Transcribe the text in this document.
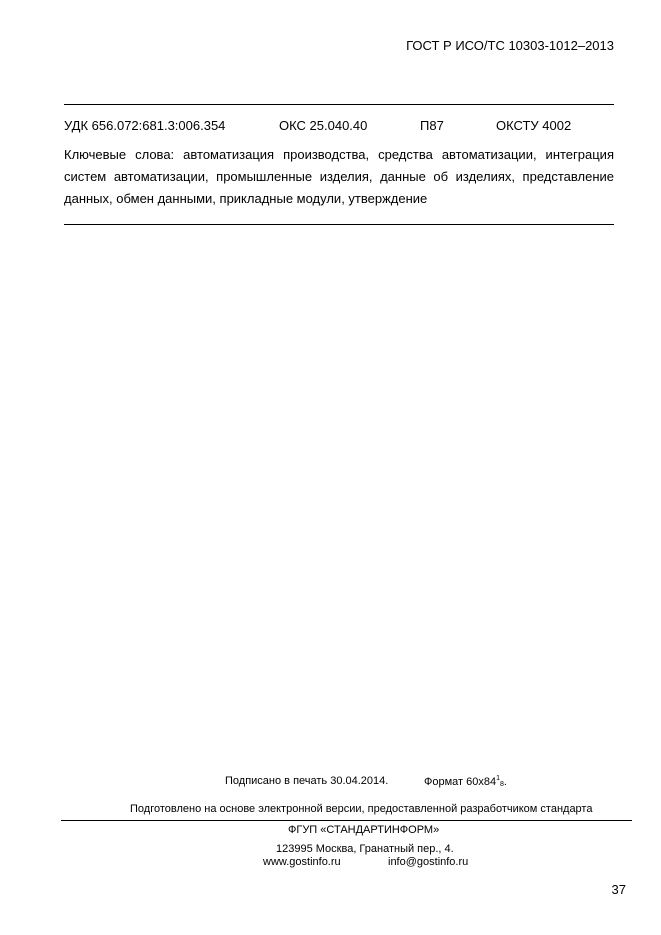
ГОСТ Р ИСО/ТС 10303-1012–2013
УДК 656.072:681.3:006.354	ОКС 25.040.40	П87	ОКСТУ 4002
Ключевые слова: автоматизация производства, средства автоматизации, интеграция систем автоматизации, промышленные изделия, данные об изделиях, представление данных, обмен данными, прикладные модули, утверждение
Подписано в печать 30.04.2014.	Формат $60x84^1_8$.
Подготовлено на основе электронной версии, предоставленной разработчиком стандарта
ФГУП «СТАНДАРТИНФОРМ»
123995 Москва, Гранатный пер., 4.
www.gostinfo.ru	info@gostinfo.ru
37
